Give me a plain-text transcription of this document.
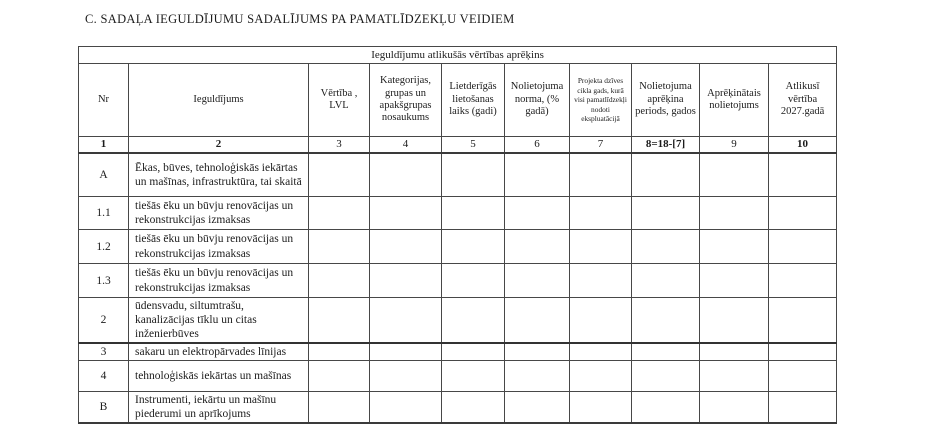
C. SADAĻA IEGULDĪJUMU SADALĪJUMS PA PAMATLĪDZEKĻU VEIDIEM
Ieguldījumu atlikušās vērtības aprēķins									
Nr	Ieguldījums	Vērtība , LVL	Kategorijas, grupas un apakšgrupas nosaukums	Lietderīgās lietošanas laiks (gadi)	Nolietojuma norma, (% gadā)	Projekta dzīves cikla gads, kurā visi pamatlīdzekļi nodoti ekspluatācijā	Nolietojuma aprēķina periods, gados	Aprēķinātais nolietojums	Atlikusī vērtība 2027.gadā
1	2	3	4	5	6	7	8=18-[7]	9	10
A	Ēkas, būves, tehnoloģiskās iekārtas un mašīnas, infrastruktūra, tai skaitā								
1.1	tiešās ēku un būvju renovācijas un rekonstrukcijas izmaksas								
1.2	tiešās ēku un būvju renovācijas un rekonstrukcijas izmaksas								
1.3	tiešās ēku un būvju renovācijas un rekonstrukcijas izmaksas								
2	ūdensvadu, siltumtrašu, kanalizācijas tīklu un citas inženierbūves								
3	sakaru un elektropārvades līnijas								
4	tehnoloģiskās iekārtas un mašīnas								
B	Instrumenti, iekārtu un mašīnu piederumi un aprīkojums								
